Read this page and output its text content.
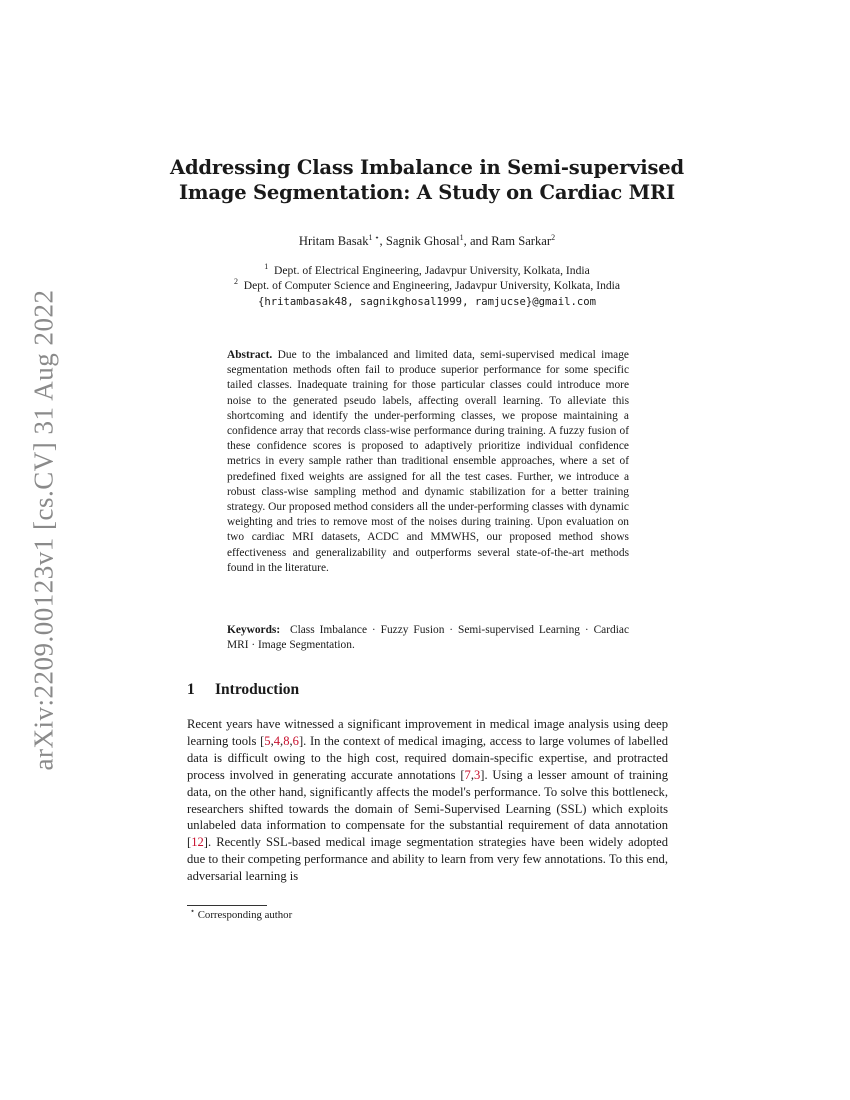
arXiv:2209.00123v1 [cs.CV] 31 Aug 2022
Addressing Class Imbalance in Semi-supervised
Image Segmentation: A Study on Cardiac MRI
Hritam Basak$^{1 ⋆}$, Sagnik Ghosal$^1$, and Ram Sarkar$^2$
$^1$ Dept. of Electrical Engineering, Jadavpur University, Kolkata, India
$^2$ Dept. of Computer Science and Engineering, Jadavpur University, Kolkata, India
{hritambasak48, sagnikghosal1999, ramjucse}@gmail.com
Abstract. Due to the imbalanced and limited data, semi-supervised medical image segmentation methods often fail to produce superior performance for some specific tailed classes. Inadequate training for those particular classes could introduce more noise to the generated pseudo labels, affecting overall learning. To alleviate this shortcoming and identify the under-performing classes, we propose maintaining a confidence array that records class-wise performance during training. A fuzzy fusion of these confidence scores is proposed to adaptively prioritize individual confidence metrics in every sample rather than traditional ensemble approaches, where a set of predefined fixed weights are assigned for all the test cases. Further, we introduce a robust class-wise sampling method and dynamic stabilization for a better training strategy. Our proposed method considers all the under-performing classes with dynamic weighting and tries to remove most of the noises during training. Upon evaluation on two cardiac MRI datasets, ACDC and MMWHS, our proposed method shows effectiveness and generalizability and outperforms several state-of-the-art methods found in the literature.
Keywords: Class Imbalance · Fuzzy Fusion · Semi-supervised Learning · Cardiac MRI · Image Segmentation.
1 Introduction
Recent years have witnessed a significant improvement in medical image analysis using deep learning tools [5,4,8,6]. In the context of medical imaging, access to large volumes of labelled data is difficult owing to the high cost, required domain-specific expertise, and protracted process involved in generating accurate annotations [7,3]. Using a lesser amount of training data, on the other hand, significantly affects the model's performance. To solve this bottleneck, researchers shifted towards the domain of Semi-Supervised Learning (SSL) which exploits unlabeled data information to compensate for the substantial requirement of data annotation [12]. Recently SSL-based medical image segmentation strategies have been widely adopted due to their competing performance and ability to learn from very few annotations. To this end, adversarial learning is
⋆ Corresponding author
